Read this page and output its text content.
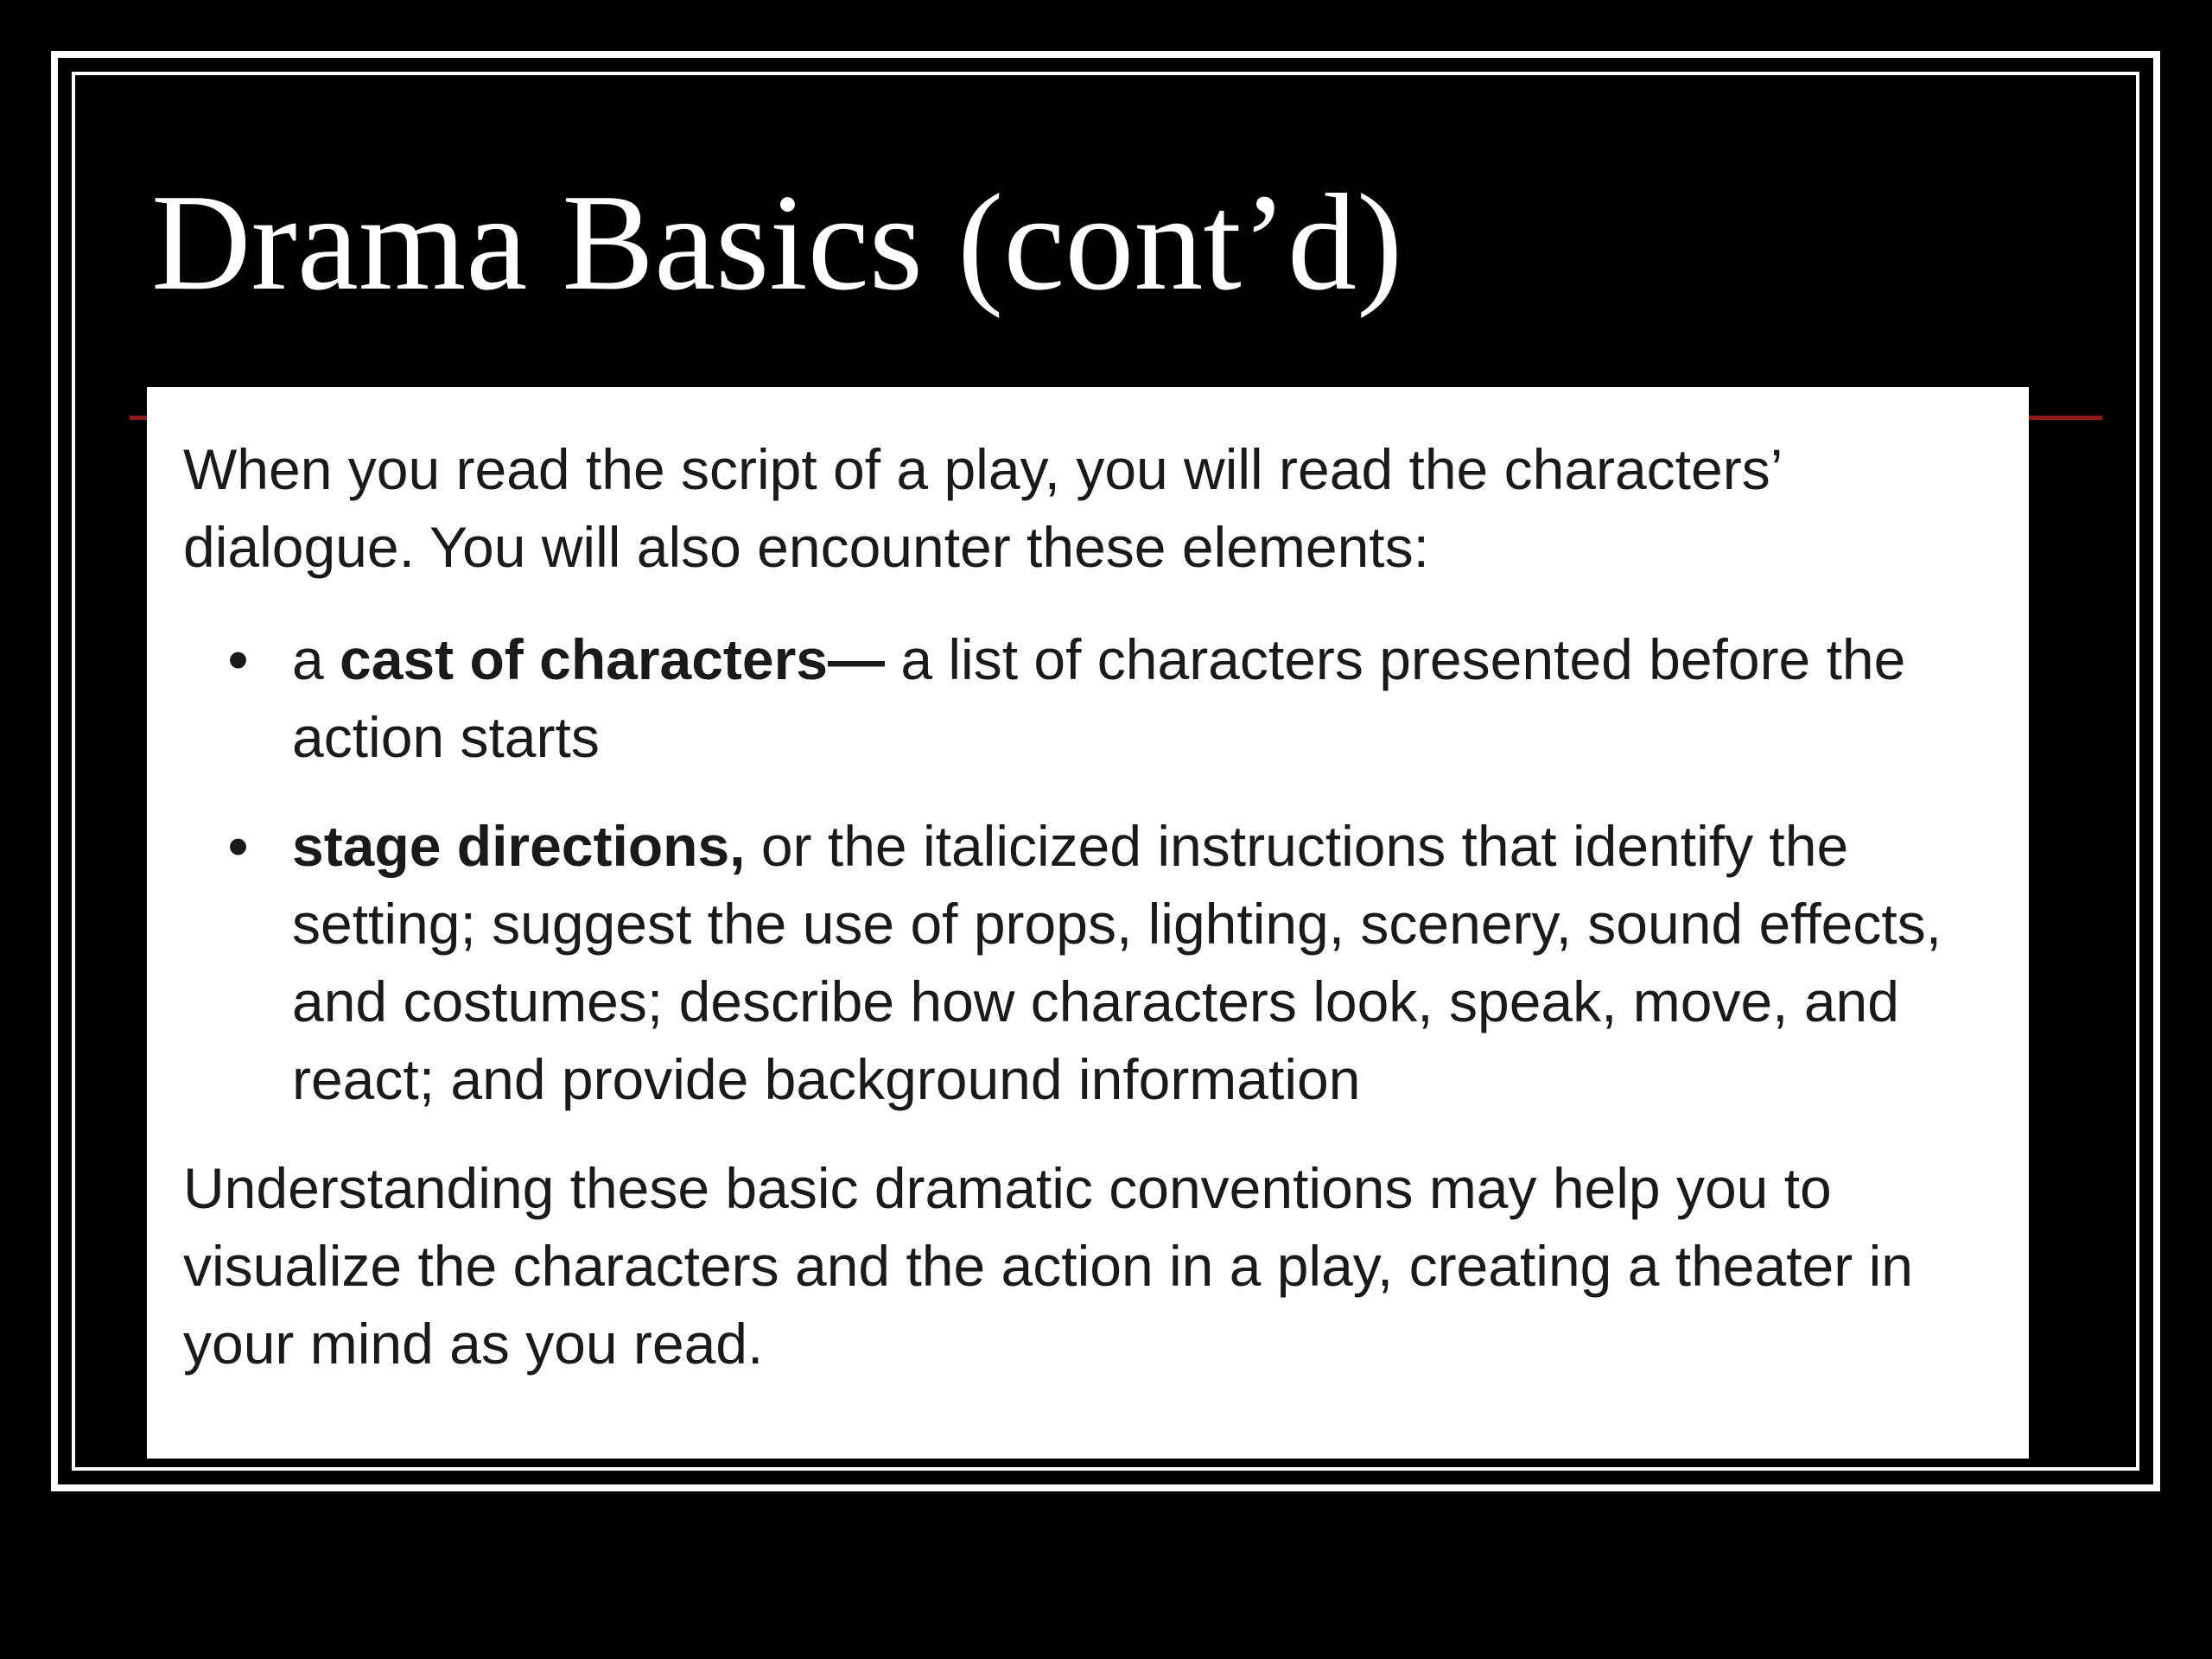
Drama Basics (cont’d)

When you read the script of a play, you will read the characters’ dialogue. You will also encounter these elements:

• a cast of characters— a list of characters presented before the action starts
• stage directions, or the italicized instructions that identify the setting; suggest the use of props, lighting, scenery, sound effects, and costumes; describe how characters look, speak, move, and react; and provide background information

Understanding these basic dramatic conventions may help you to visualize the characters and the action in a play, creating a theater in your mind as you read.
